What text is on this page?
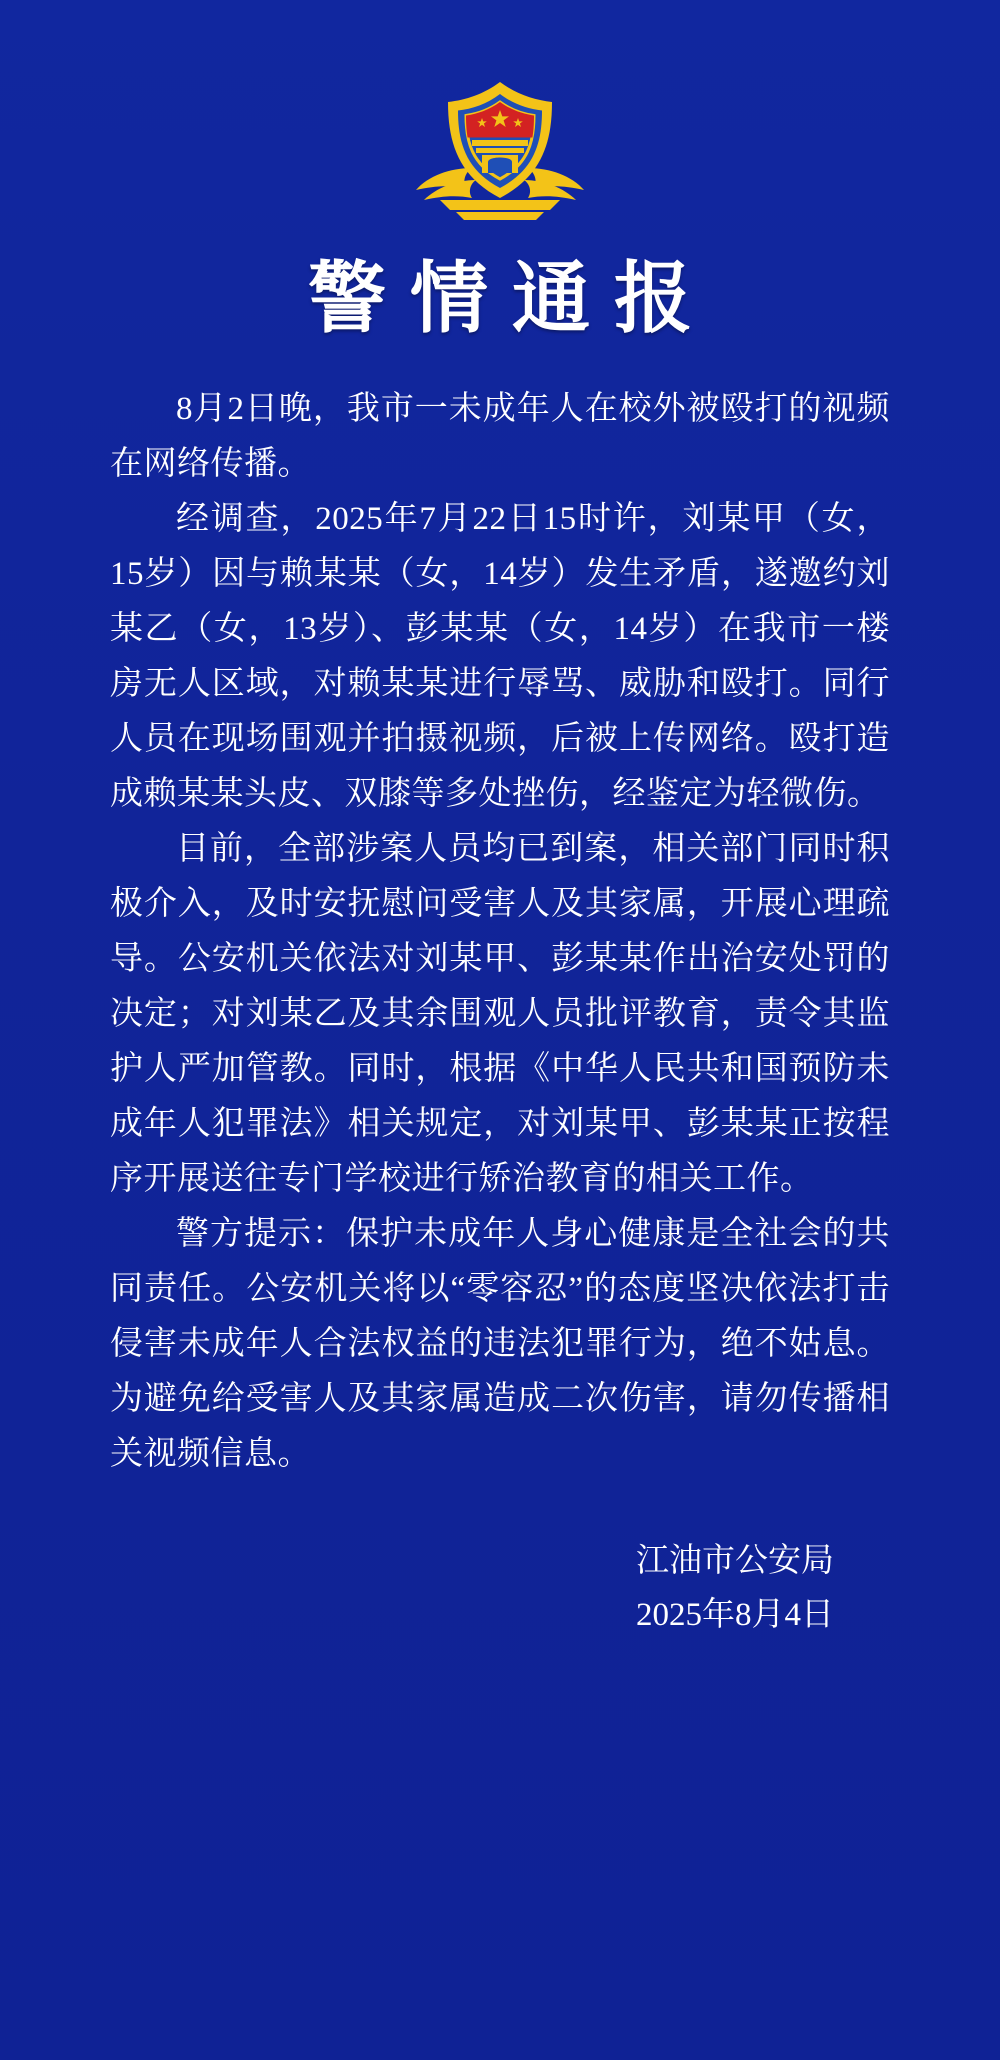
警情通报

8月2日晚，我市一未成年人在校外被殴打的视频在网络传播。

经调查，2025年7月22日15时许，刘某甲（女，15岁）因与赖某某（女，14岁）发生矛盾，遂邀约刘某乙（女，13岁）、彭某某（女，14岁）在我市一楼房无人区域，对赖某某进行辱骂、威胁和殴打。同行人员在现场围观并拍摄视频，后被上传网络。殴打造成赖某某头皮、双膝等多处挫伤，经鉴定为轻微伤。

目前，全部涉案人员均已到案，相关部门同时积极介入，及时安抚慰问受害人及其家属，开展心理疏导。公安机关依法对刘某甲、彭某某作出治安处罚的决定；对刘某乙及其余围观人员批评教育，责令其监护人严加管教。同时，根据《中华人民共和国预防未成年人犯罪法》相关规定，对刘某甲、彭某某正按程序开展送往专门学校进行矫治教育的相关工作。

警方提示：保护未成年人身心健康是全社会的共同责任。公安机关将以“零容忍”的态度坚决依法打击侵害未成年人合法权益的违法犯罪行为，绝不姑息。为避免给受害人及其家属造成二次伤害，请勿传播相关视频信息。

江油市公安局
2025年8月4日
